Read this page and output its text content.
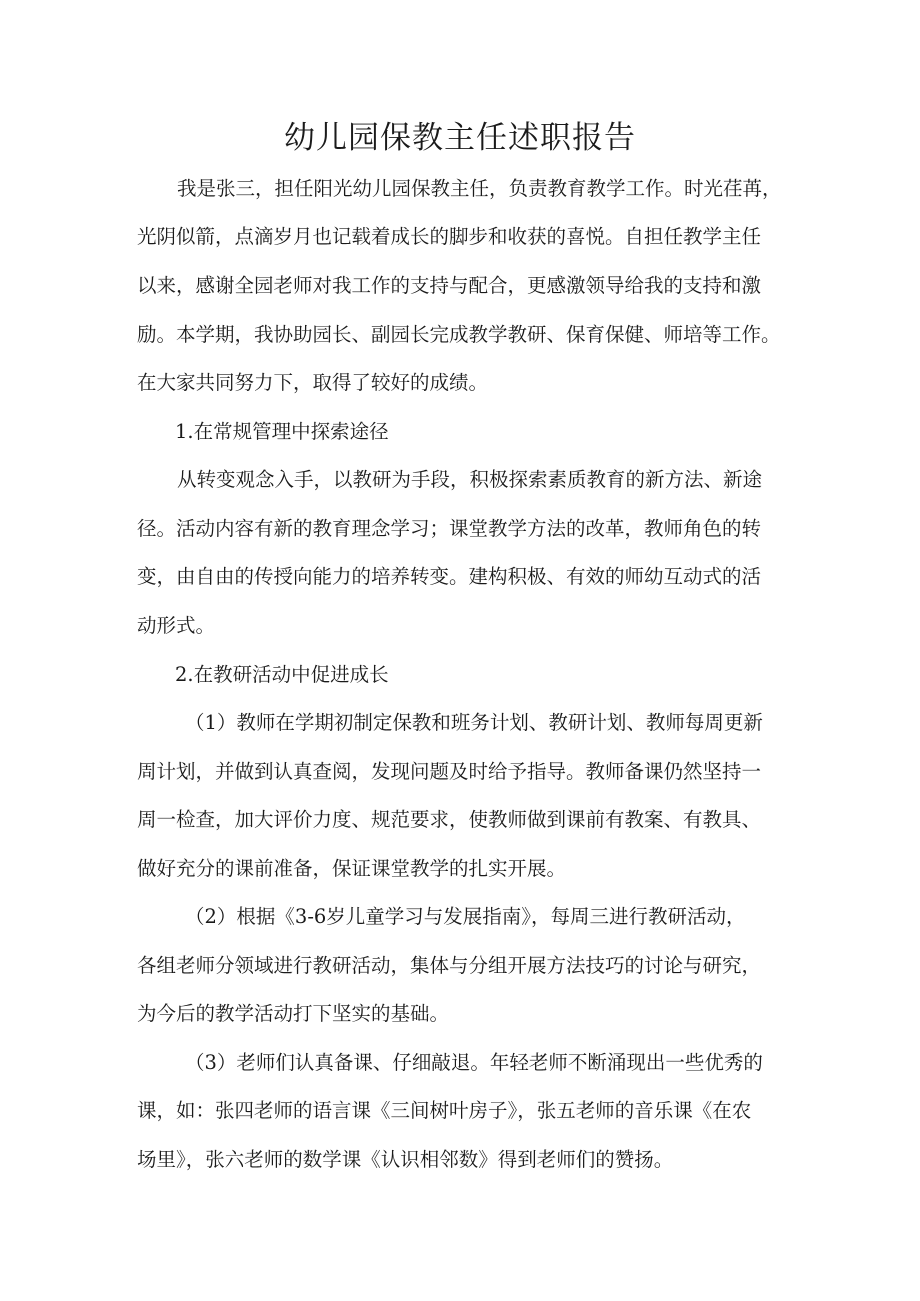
幼儿园保教主任述职报告

我是张三，担任阳光幼儿园保教主任，负责教育教学工作。时光荏苒，

光阴似箭，点滴岁月也记载着成长的脚步和收获的喜悦。自担任教学主任

以来，感谢全园老师对我工作的支持与配合，更感激领导给我的支持和激

励。本学期，我协助园长、副园长完成教学教研、保育保健、师培等工作。

在大家共同努力下，取得了较好的成绩。

1.在常规管理中探索途径

从转变观念入手，以教研为手段，积极探索素质教育的新方法、新途

径。活动内容有新的教育理念学习；课堂教学方法的改革，教师角色的转

变，由自由的传授向能力的培养转变。建构积极、有效的师幼互动式的活

动形式。

2.在教研活动中促进成长

（1）教师在学期初制定保教和班务计划、教研计划、教师每周更新

周计划，并做到认真查阅，发现问题及时给予指导。教师备课仍然坚持一

周一检查，加大评价力度、规范要求，使教师做到课前有教案、有教具、

做好充分的课前准备，保证课堂教学的扎实开展。

（2）根据《3-6岁儿童学习与发展指南》，每周三进行教研活动，

各组老师分领域进行教研活动，集体与分组开展方法技巧的讨论与研究，

为今后的教学活动打下坚实的基础。

（3）老师们认真备课、仔细敲退。年轻老师不断涌现出一些优秀的

课，如：张四老师的语言课《三间树叶房子》，张五老师的音乐课《在农

场里》，张六老师的数学课《认识相邻数》得到老师们的赞扬。
